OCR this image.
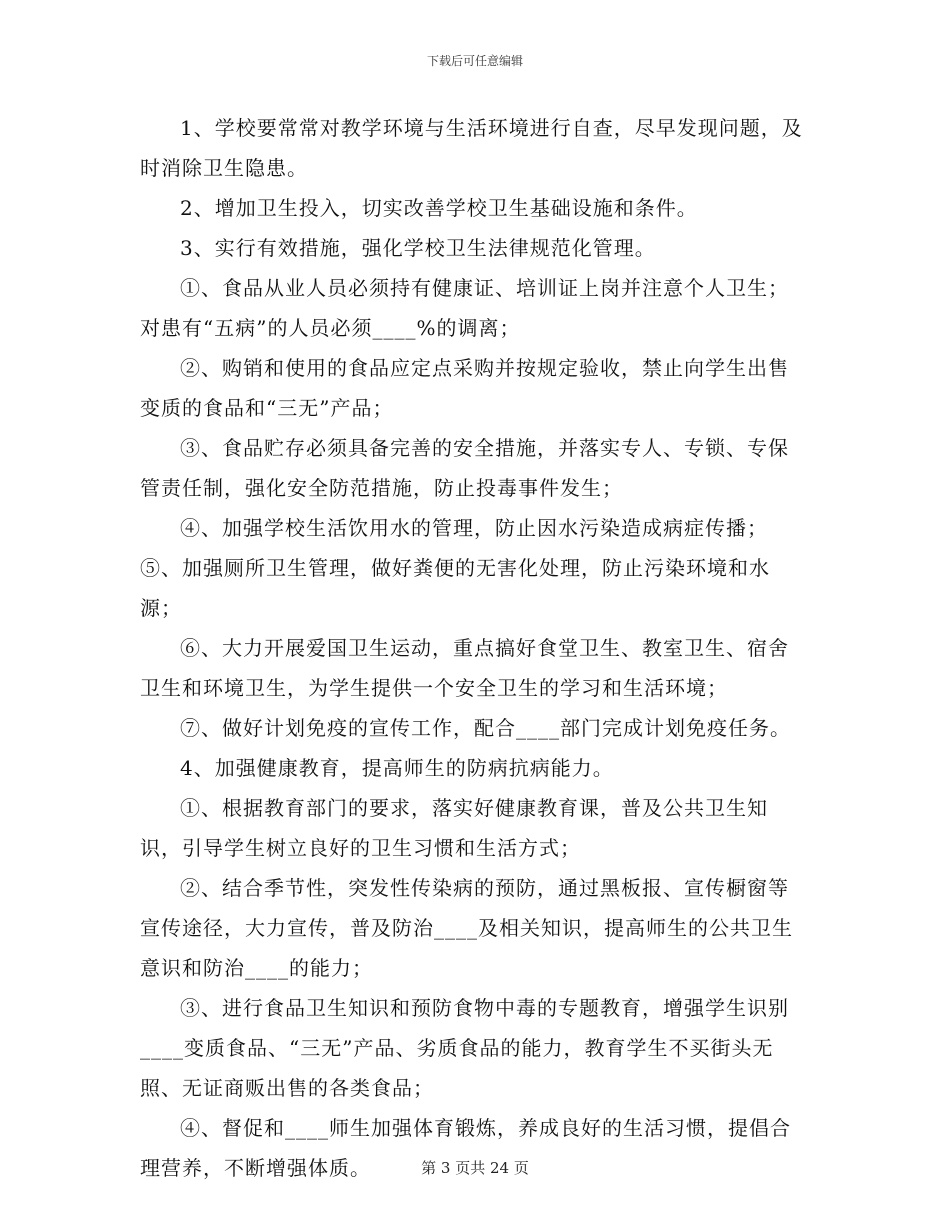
下载后可任意编辑

1、学校要常常对教学环境与生活环境进行自查，尽早发现问题，及时消除卫生隐患。

2、增加卫生投入，切实改善学校卫生基础设施和条件。

3、实行有效措施，强化学校卫生法律规范化管理。

①、食品从业人员必须持有健康证、培训证上岗并注意个人卫生；对患有“五病”的人员必须____%的调离；

②、购销和使用的食品应定点采购并按规定验收，禁止向学生出售变质的食品和“三无”产品；

③、食品贮存必须具备完善的安全措施，并落实专人、专锁、专保管责任制，强化安全防范措施，防止投毒事件发生；

④、加强学校生活饮用水的管理，防止因水污染造成病症传播；

⑤、加强厕所卫生管理，做好粪便的无害化处理，防止污染环境和水源；

⑥、大力开展爱国卫生运动，重点搞好食堂卫生、教室卫生、宿舍卫生和环境卫生，为学生提供一个安全卫生的学习和生活环境；

⑦、做好计划免疫的宣传工作，配合____部门完成计划免疫任务。

4、加强健康教育，提高师生的防病抗病能力。

①、根据教育部门的要求，落实好健康教育课，普及公共卫生知识，引导学生树立良好的卫生习惯和生活方式；

②、结合季节性，突发性传染病的预防，通过黑板报、宣传橱窗等宣传途径，大力宣传，普及防治____及相关知识，提高师生的公共卫生意识和防治____的能力；

③、进行食品卫生知识和预防食物中毒的专题教育，增强学生识别____变质食品、“三无”产品、劣质食品的能力，教育学生不买街头无照、无证商贩出售的各类食品；

④、督促和____师生加强体育锻炼，养成良好的生活习惯，提倡合理营养，不断增强体质。	第 3 页共 24 页
